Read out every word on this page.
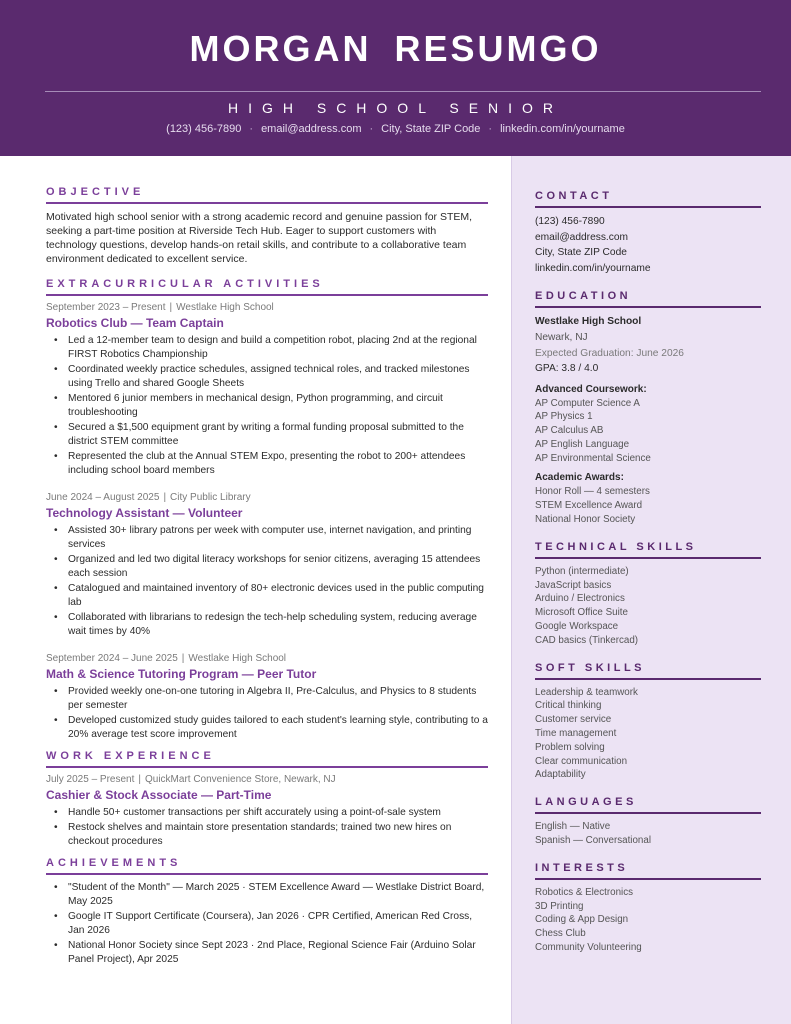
MORGAN RESUMGO
HIGH SCHOOL SENIOR
(123) 456-7890 · email@address.com · City, State ZIP Code · linkedin.com/in/yourname
OBJECTIVE

Motivated high school senior with a strong academic record and genuine passion for STEM, seeking a part-time position at Riverside Tech Hub. Eager to support customers with technology questions, develop hands-on retail skills, and contribute to a collaborative team environment dedicated to excellent service.

EXTRACURRICULAR ACTIVITIES
September 2023 – Present | Westlake High School
Robotics Club — Team Captain
• Led a 12-member team to design and build a competition robot, placing 2nd at the regional FIRST Robotics Championship
• Coordinated weekly practice schedules, assigned technical roles, and tracked milestones using Trello and shared Google Sheets
• Mentored 6 junior members in mechanical design, Python programming, and circuit troubleshooting
• Secured a $1,500 equipment grant by writing a formal funding proposal submitted to the district STEM committee
• Represented the club at the Annual STEM Expo, presenting the robot to 200+ attendees including school board members
June 2024 – August 2025 | City Public Library
Technology Assistant — Volunteer
• Assisted 30+ library patrons per week with computer use, internet navigation, and printing services
• Organized and led two digital literacy workshops for senior citizens, averaging 15 attendees each session
• Catalogued and maintained inventory of 80+ electronic devices used in the public computing lab
• Collaborated with librarians to redesign the tech-help scheduling system, reducing average wait times by 40%
September 2024 – June 2025 | Westlake High School
Math & Science Tutoring Program — Peer Tutor
• Provided weekly one-on-one tutoring in Algebra II, Pre-Calculus, and Physics to 8 students per semester
• Developed customized study guides tailored to each student's learning style, contributing to a 20% average test score improvement
WORK EXPERIENCE
July 2025 – Present | QuickMart Convenience Store, Newark, NJ
Cashier & Stock Associate — Part-Time
• Handle 50+ customer transactions per shift accurately using a point-of-sale system
• Restock shelves and maintain store presentation standards; trained two new hires on checkout procedures
ACHIEVEMENTS
• "Student of the Month" — March 2025 · STEM Excellence Award — Westlake District Board, May 2025
• Google IT Support Certificate (Coursera), Jan 2026 · CPR Certified, American Red Cross, Jan 2026
• National Honor Society since Sept 2023 · 2nd Place, Regional Science Fair (Arduino Solar Panel Project), Apr 2025
CONTACT
(123) 456-7890
email@address.com
City, State ZIP Code
linkedin.com/in/yourname
EDUCATION
Westlake High School
Newark, NJ
Expected Graduation: June 2026
GPA: 3.8 / 4.0
Advanced Coursework:
AP Computer Science A
AP Physics 1
AP Calculus AB
AP English Language
AP Environmental Science
Academic Awards:
Honor Roll — 4 semesters
STEM Excellence Award
National Honor Society
TECHNICAL SKILLS
Python (intermediate)
JavaScript basics
Arduino / Electronics
Microsoft Office Suite
Google Workspace
CAD basics (Tinkercad)
SOFT SKILLS
Leadership & teamwork
Critical thinking
Customer service
Time management
Problem solving
Clear communication
Adaptability
LANGUAGES
English — Native
Spanish — Conversational
INTERESTS
Robotics & Electronics
3D Printing
Coding & App Design
Chess Club
Community Volunteering
